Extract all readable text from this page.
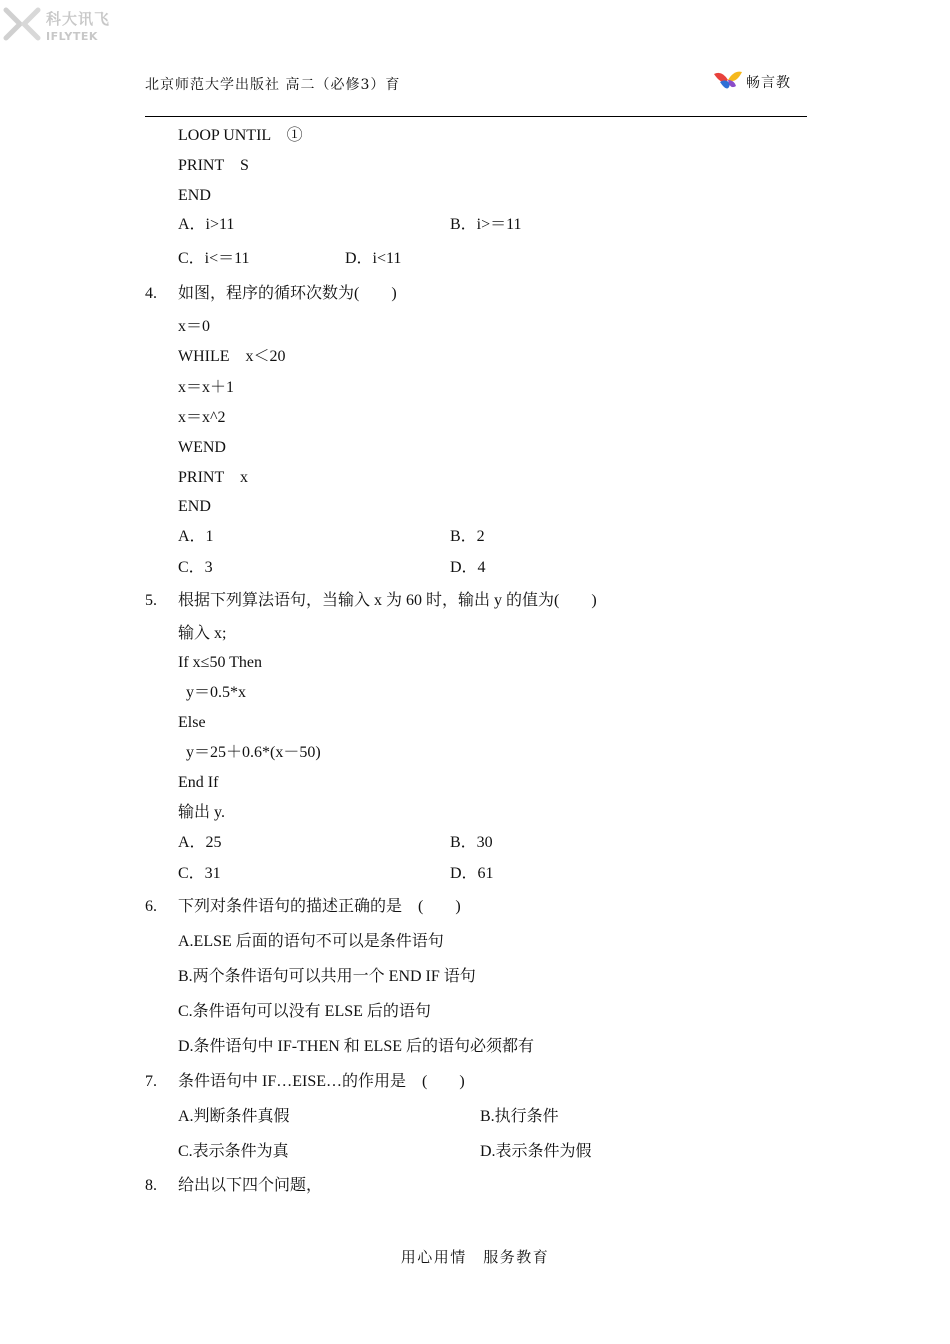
科大讯飞
IFLYTEK
北京师范大学出版社 高二（必修3）育	畅言教
LOOP UNTIL　①
PRINT　S
END
A．i>11	B．i>＝11
C．i<＝11	D．i<11
4. 如图，程序的循环次数为(　　)
x＝0
WHILE　x＜20
x＝x＋1
x＝x^2
WEND
PRINT　x
END
A．1	B．2
C．3	D．4
5. 根据下列算法语句，当输入 x 为 60 时，输出 y 的值为(　　)
输入 x;
If x≤50 Then
y＝0.5*x
Else
y＝25＋0.6*(x－50)
End If
输出 y.
A．25	B．30
C．31	D．61
6. 下列对条件语句的描述正确的是　(　　)
A.ELSE 后面的语句不可以是条件语句
B.两个条件语句可以共用一个 END IF 语句
C.条件语句可以没有 ELSE 后的语句
D.条件语句中 IF-THEN 和 ELSE 后的语句必须都有
7. 条件语句中 IF…EISE…的作用是　(　　)
A.判断条件真假	B.执行条件
C.表示条件为真	D.表示条件为假
8. 给出以下四个问题，
用心用情　服务教育
